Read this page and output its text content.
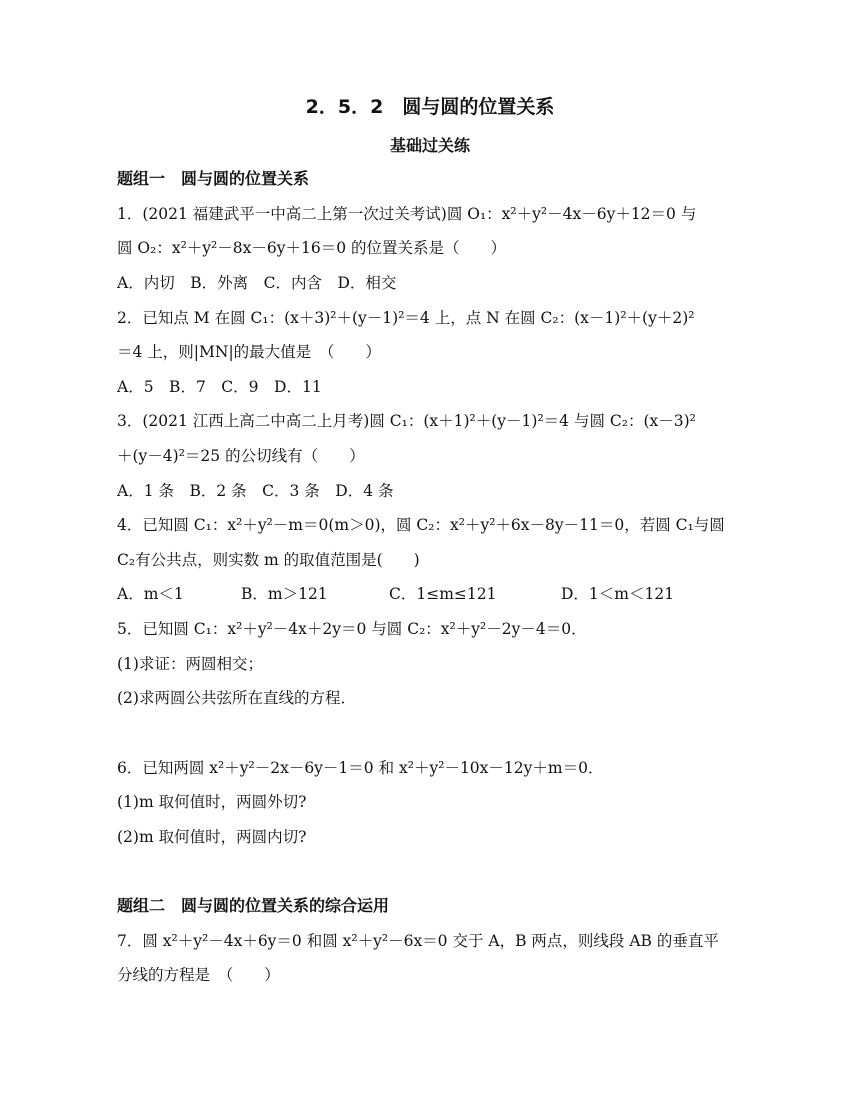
2．5．2　圆与圆的位置关系
基础过关练
题组一　圆与圆的位置关系
1．(2021 福建武平一中高二上第一次过关考试)圆 O₁：x²＋y²－4x－6y＋12＝0 与
圆 O₂：x²＋y²－8x－6y＋16＝0 的位置关系是（　　）
A．内切　B．外离　C．内含　D．相交
2．已知点 M 在圆 C₁：(x＋3)²＋(y－1)²＝4 上，点 N 在圆 C₂：(x－1)²＋(y＋2)²
＝4 上，则|MN|的最大值是　（　　）
A．5　B．7　C．9　D．11
3．(2021 江西上高二中高二上月考)圆 C₁：(x＋1)²＋(y－1)²＝4 与圆 C₂：(x－3)²
＋(y－4)²＝25 的公切线有（　　）
A．1 条　B．2 条　C．3 条　D．4 条
4．已知圆 C₁：x²＋y²－m＝0(m＞0)，圆 C₂：x²＋y²＋6x－8y－11＝0，若圆 C₁与圆
C₂有公共点，则实数 m 的取值范围是(　　)
A．m＜1	B．m＞121	C．1≤m≤121	D．1＜m＜121
5．已知圆 C₁：x²＋y²－4x＋2y＝0 与圆 C₂：x²＋y²－2y－4＝0．
(1)求证：两圆相交；
(2)求两圆公共弦所在直线的方程．
6．已知两圆 x²＋y²－2x－6y－1＝0 和 x²＋y²－10x－12y＋m＝0．
(1)m 取何值时，两圆外切?
(2)m 取何值时，两圆内切?
题组二　圆与圆的位置关系的综合运用
7．圆 x²＋y²－4x＋6y＝0 和圆 x²＋y²－6x＝0 交于 A，B 两点，则线段 AB 的垂直平
分线的方程是　（　　）
